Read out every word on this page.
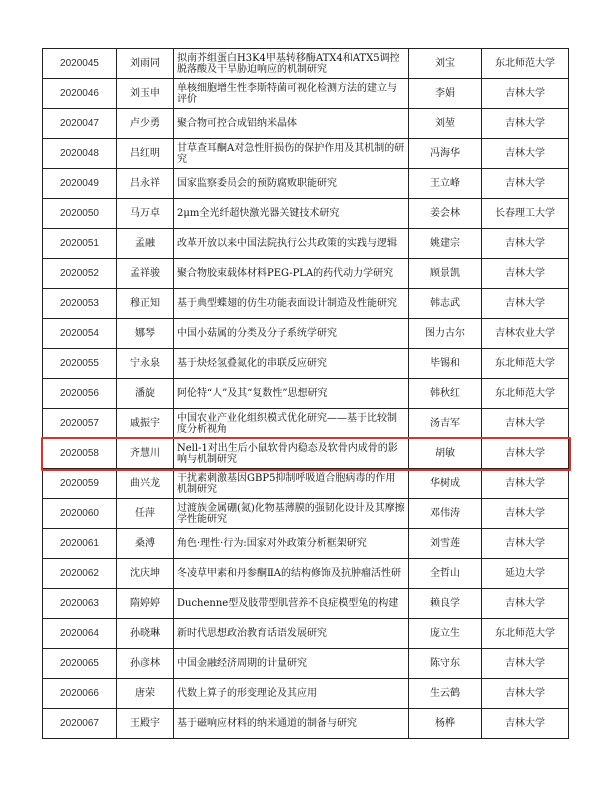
2020045	刘雨同	拟南芥组蛋白H3K4甲基转移酶ATX4和ATX5调控脱落酸及干旱胁迫响应的机制研究	刘宝	东北师范大学
2020046	刘玉申	单核细胞增生性李斯特菌可视化检测方法的建立与评价	李娟	吉林大学
2020047	卢少勇	聚合物可控合成铝纳米晶体	刘堃	吉林大学
2020048	吕红明	甘草查耳酮A对急性肝损伤的保护作用及其机制的研究	冯海华	吉林大学
2020049	吕永祥	国家监察委员会的预防腐败职能研究	王立峰	吉林大学
2020050	马万卓	2μm全光纤超快激光器关键技术研究	姜会林	长春理工大学
2020051	孟融	改革开放以来中国法院执行公共政策的实践与逻辑	姚建宗	吉林大学
2020052	孟祥骏	聚合物胶束载体材料PEG-PLA的药代动力学研究	顾景凯	吉林大学
2020053	穆正知	基于典型蝶翅的仿生功能表面设计制造及性能研究	韩志武	吉林大学
2020054	娜琴	中国小菇属的分类及分子系统学研究	图力古尔	吉林农业大学
2020055	宁永泉	基于炔烃氢叠氮化的串联反应研究	毕锡和	东北师范大学
2020056	潘旋	阿伦特“人”及其“复数性”思想研究	韩秋红	东北师范大学
2020057	戚振宇	中国农业产业化组织模式优化研究——基于比较制度分析视角	汤吉军	吉林大学
2020058	齐慧川	Nell-1对出生后小鼠软骨内稳态及软骨内成骨的影响与机制研究	胡敏	吉林大学
2020059	曲兴龙	干扰素刺激基因GBP5抑制呼吸道合胞病毒的作用机制研究	华树成	吉林大学
2020060	任萍	过渡族金属硼(氮)化物基薄膜的强韧化设计及其摩擦学性能研究	邓伟涛	吉林大学
2020061	桑溥	角色·理性·行为:国家对外政策分析框架研究	刘雪莲	吉林大学
2020062	沈庆坤	冬凌草甲素和丹参酮ⅡA的结构修饰及抗肿瘤活性研	全哲山	延边大学
2020063	隋婷婷	Duchenne型及肢带型肌营养不良症模型兔的构建	赖良学	吉林大学
2020064	孙晓琳	新时代思想政治教育话语发展研究	庞立生	东北师范大学
2020065	孙彦林	中国金融经济周期的计量研究	陈守东	吉林大学
2020066	唐荣	代数上算子的形变理论及其应用	生云鹤	吉林大学
2020067	王殿宇	基于磁响应材料的纳米通道的制备与研究	杨桦	吉林大学
